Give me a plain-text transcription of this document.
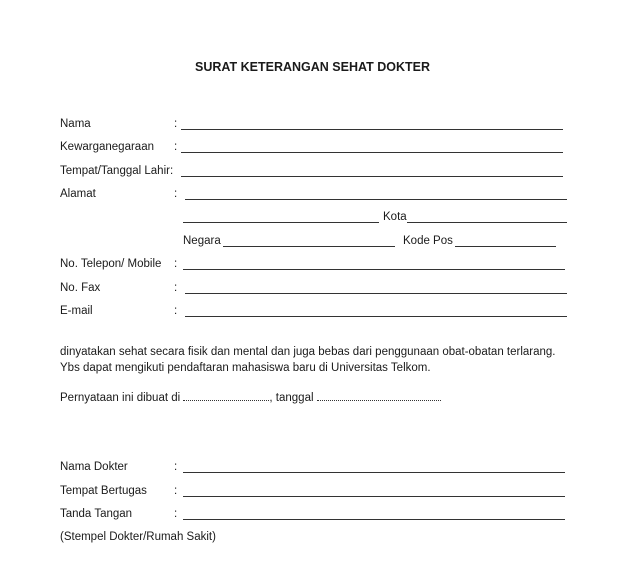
SURAT KETERANGAN SEHAT DOKTER
Nama	:
Kewarganegaraan :
Tempat/Tanggal Lahir:
Alamat	:
Kota
Negara	Kode Pos
No. Telepon/ Mobile :
No. Fax	:
E-mail	:
dinyatakan sehat secara fisik dan mental dan juga bebas dari penggunaan obat-obatan terlarang.
Ybs dapat mengikuti pendaftaran mahasiswa baru di Universitas Telkom.
Pernyataan ini dibuat di	, tanggal
Nama Dokter	:
Tempat Bertugas :
Tanda Tangan	:
(Stempel Dokter/Rumah Sakit)
